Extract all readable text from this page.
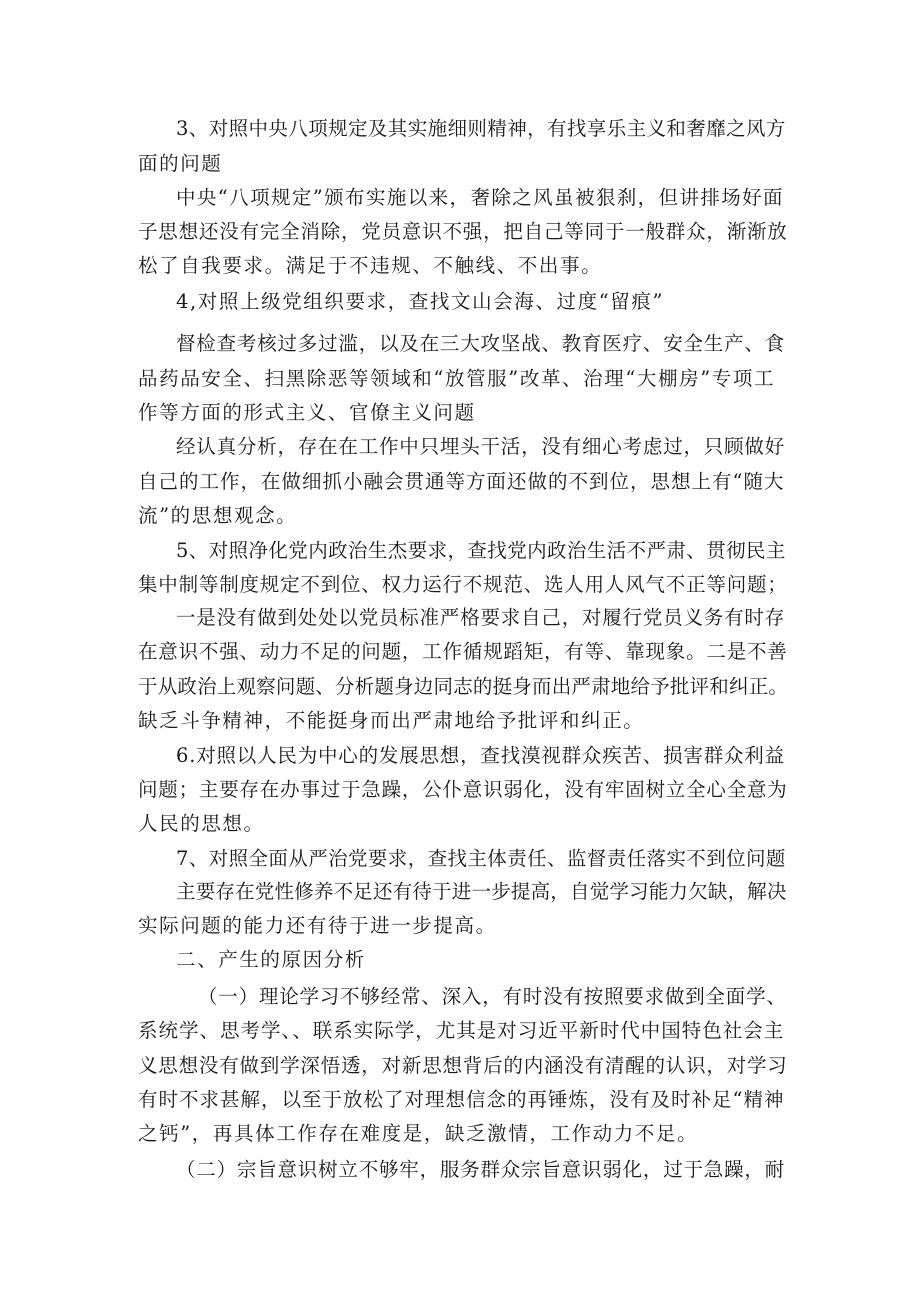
3、对照中央八项规定及其实施细则精神，有找享乐主义和奢靡之风方
面的问题
中央“八项规定”颁布实施以来，奢除之风虽被狠刹，但讲排场好面
子思想还没有完全消除，党员意识不强，把自己等同于一般群众，渐渐放
松了自我要求。满足于不违规、不触线、不出事。
4,对照上级党组织要求，查找文山会海、过度“留痕”
督检查考核过多过滥，以及在三大攻坚战、教育医疗、安全生产、食
品药品安全、扫黑除恶等领域和“放管服”改革、治理“大棚房”专项工
作等方面的形式主义、官僚主义问题
经认真分析，存在在工作中只埋头干活，没有细心考虑过，只顾做好
自己的工作，在做细抓小融会贯通等方面还做的不到位，思想上有“随大
流”的思想观念。
5、对照净化党内政治生杰要求，查找党内政治生活不严肃、贯彻民主
集中制等制度规定不到位、权力运行不规范、选人用人风气不正等问题；
一是没有做到处处以党员标准严格要求自己，对履行党员义务有时存
在意识不强、动力不足的问题，工作循规蹈矩，有等、靠现象。二是不善
于从政治上观察问题、分析题身边同志的挺身而出严肃地给予批评和纠正。
缺乏斗争精神，不能挺身而出严肃地给予批评和纠正。
6.对照以人民为中心的发展思想，查找漠视群众疾苦、损害群众利益
问题；主要存在办事过于急躁，公仆意识弱化，没有牢固树立全心全意为
人民的思想。
7、对照全面从严治党要求，查找主体责任、监督责任落实不到位问题
主要存在党性修养不足还有待于进一步提高，自觉学习能力欠缺，解决
实际问题的能力还有待于进一步提高。
二、产生的原因分析
（一）理论学习不够经常、深入，有时没有按照要求做到全面学、
系统学、思考学、、联系实际学，尤其是对习近平新时代中国特色社会主
义思想没有做到学深悟透，对新思想背后的内涵没有清醒的认识，对学习
有时不求甚解，以至于放松了对理想信念的再锤炼，没有及时补足“精神
之钙”，再具体工作存在难度是，缺乏激情，工作动力不足。
（二）宗旨意识树立不够牢，服务群众宗旨意识弱化，过于急躁，耐
